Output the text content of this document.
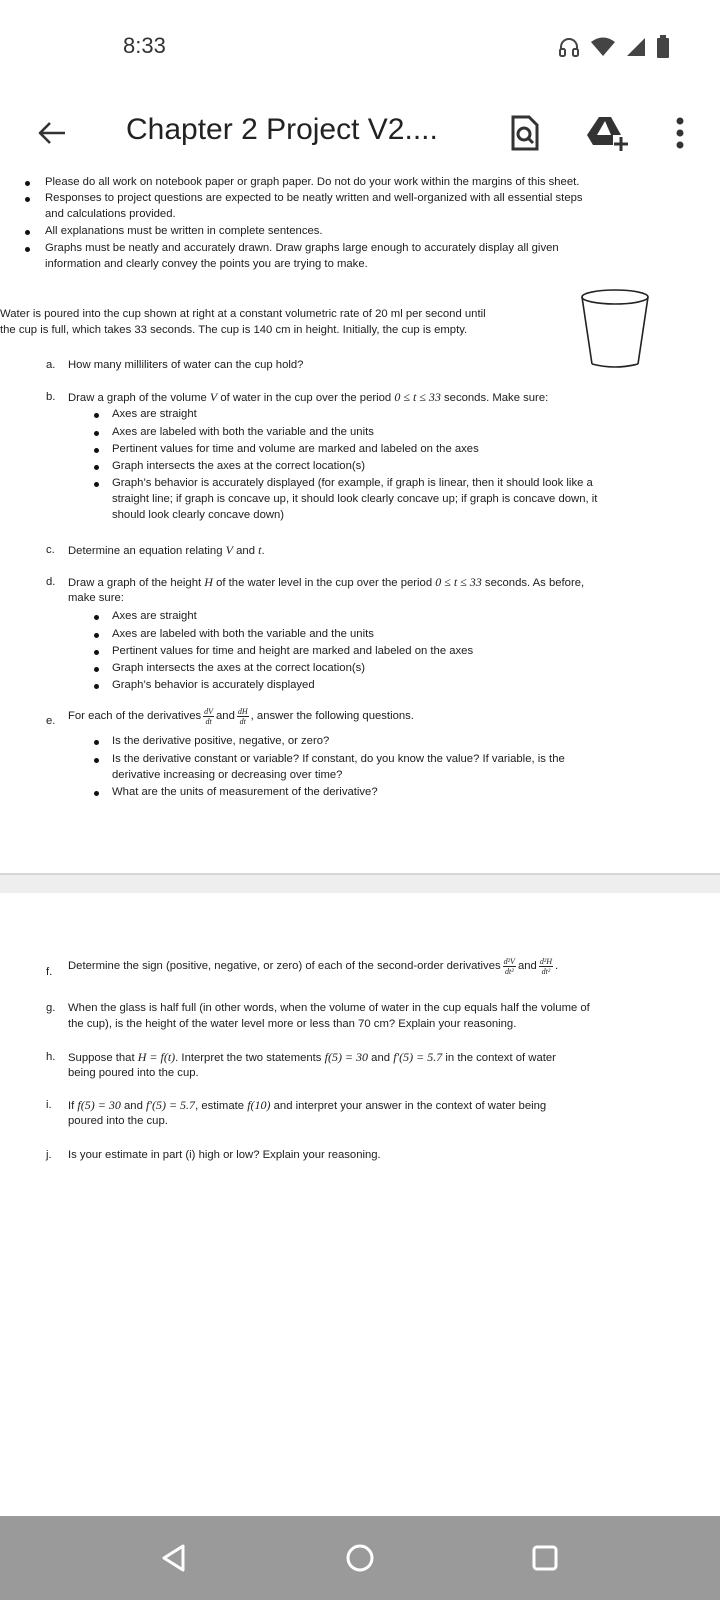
8:33
Chapter 2 Project V2....
Please do all work on notebook paper or graph paper. Do not do your work within the margins of this sheet.
Responses to project questions are expected to be neatly written and well-organized with all essential steps
and calculations provided.
All explanations must be written in complete sentences.
Graphs must be neatly and accurately drawn. Draw graphs large enough to accurately display all given
information and clearly convey the points you are trying to make.
Water is poured into the cup shown at right at a constant volumetric rate of 20 ml per second until
the cup is full, which takes 33 seconds. The cup is 140 cm in height. Initially, the cup is empty.
a. How many milliliters of water can the cup hold?
b. Draw a graph of the volume V of water in the cup over the period 0 ≤ t ≤ 33 seconds. Make sure:
Axes are straight
Axes are labeled with both the variable and the units
Pertinent values for time and volume are marked and labeled on the axes
Graph intersects the axes at the correct location(s)
Graph’s behavior is accurately displayed (for example, if graph is linear, then it should look like a
straight line; if graph is concave up, it should look clearly concave up; if graph is concave down, it
should look clearly concave down)
c. Determine an equation relating V and t.
d. Draw a graph of the height H of the water level in the cup over the period 0 ≤ t ≤ 33 seconds. As before,
make sure:
Axes are straight
Axes are labeled with both the variable and the units
Pertinent values for time and height are marked and labeled on the axes
Graph intersects the axes at the correct location(s)
Graph’s behavior is accurately displayed
e. For each of the derivatives $\frac{dV}{dt}$ and $\frac{dH}{dt}$ , answer the following questions.
Is the derivative positive, negative, or zero?
Is the derivative constant or variable? If constant, do you know the value? If variable, is the
derivative increasing or decreasing over time?
What are the units of measurement of the derivative?
f. Determine the sign (positive, negative, or zero) of each of the second-order derivatives $\frac{\text{d²V}}{\text{dt²}}$ and $\frac{\text{d²H}}{\text{dt²}}$ .
g. When the glass is half full (in other words, when the volume of water in the cup equals half the volume of
the cup), is the height of the water level more or less than 70 cm? Explain your reasoning.
h. Suppose that H = f(t). Interpret the two statements f(5) = 30 and f′(5) = 5.7 in the context of water
being poured into the cup.
i. If f(5) = 30 and f′(5) = 5.7, estimate f(10) and interpret your answer in the context of water being
poured into the cup.
j. Is your estimate in part (i) high or low? Explain your reasoning.
